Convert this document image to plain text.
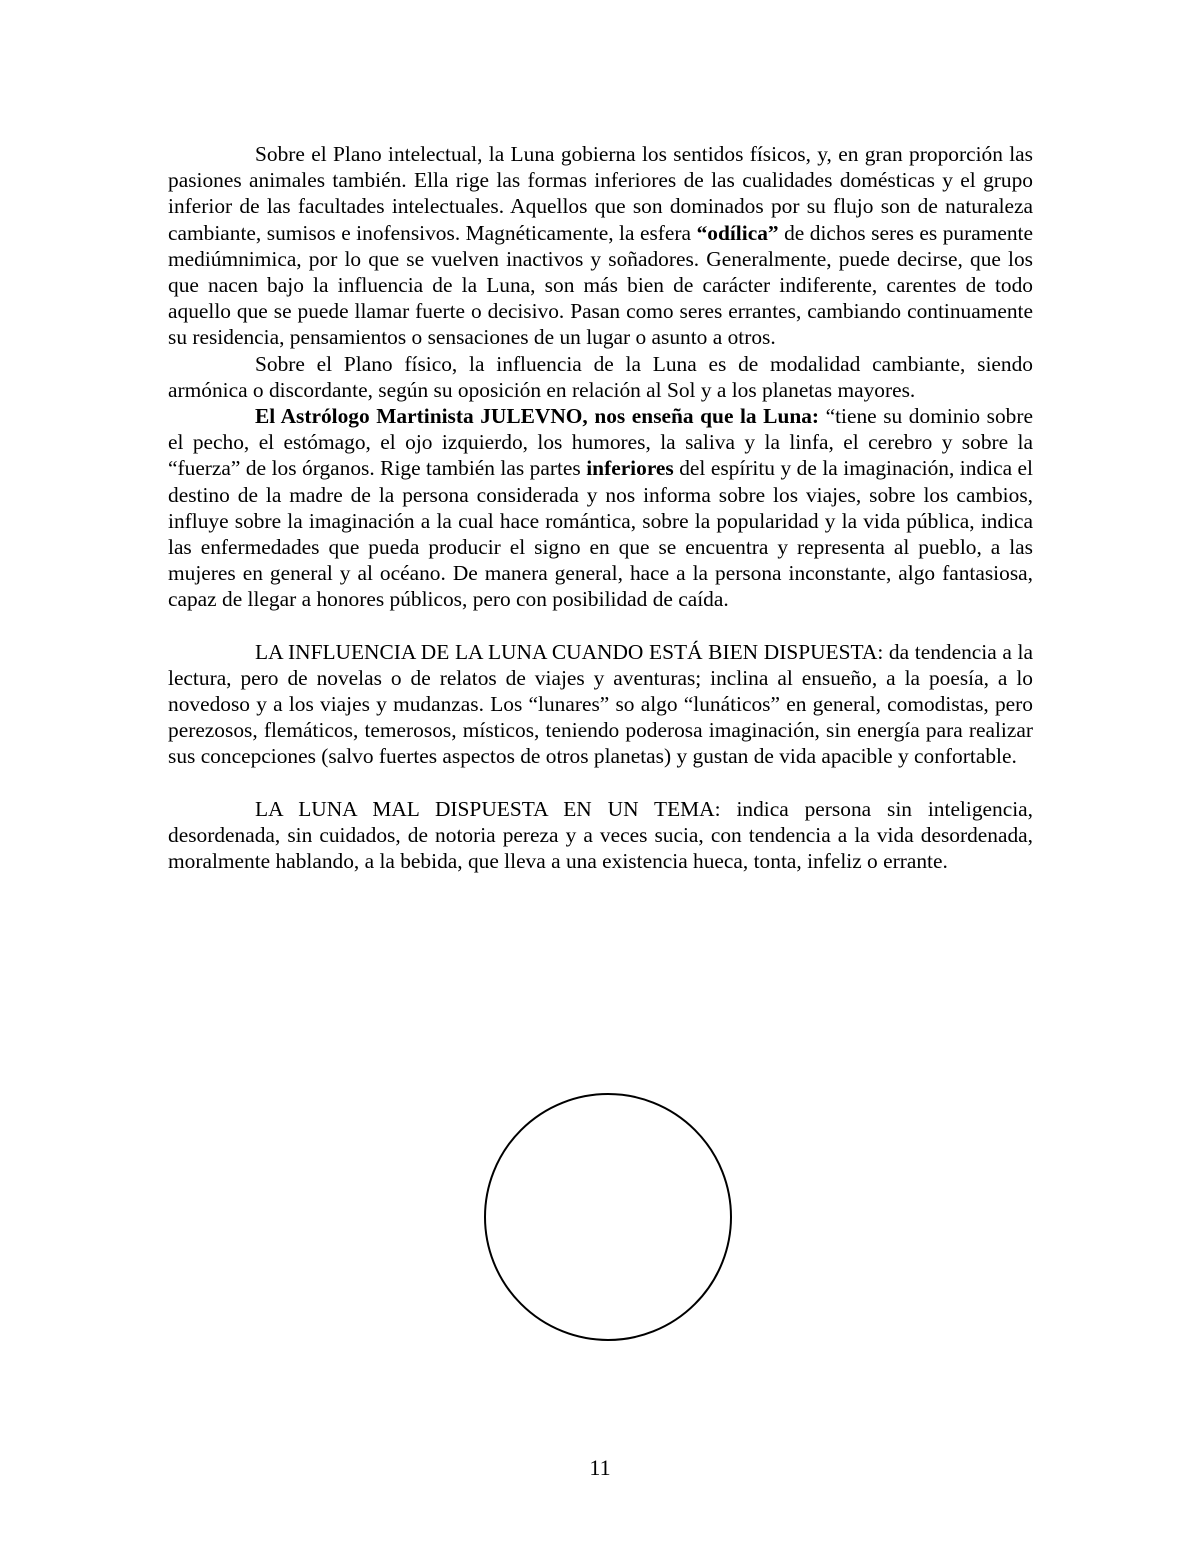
Sobre el Plano intelectual, la Luna gobierna los sentidos físicos, y, en gran proporción las pasiones animales también. Ella rige las formas inferiores de las cualidades domésticas y el grupo inferior de las facultades intelectuales. Aquellos que son dominados por su flujo son de naturaleza cambiante, sumisos e inofensivos. Magnéticamente, la esfera “odílica” de dichos seres es puramente mediúmnimica, por lo que se vuelven inactivos y soñadores. Generalmente, puede decirse, que los que nacen bajo la influencia de la Luna, son más bien de carácter indiferente, carentes de todo aquello que se puede llamar fuerte o decisivo. Pasan como seres errantes, cambiando continuamente su residencia, pensamientos o sensaciones de un lugar o asunto a otros.

Sobre el Plano físico, la influencia de la Luna es de modalidad cambiante, siendo armónica o discordante, según su oposición en relación al Sol y a los planetas mayores.

El Astrólogo Martinista JULEVNO, nos enseña que la Luna: “tiene su dominio sobre el pecho, el estómago, el ojo izquierdo, los humores, la saliva y la linfa, el cerebro y sobre la “fuerza” de los órganos. Rige también las partes inferiores del espíritu y de la imaginación, indica el destino de la madre de la persona considerada y nos informa sobre los viajes, sobre los cambios, influye sobre la imaginación a la cual hace romántica, sobre la popularidad y la vida pública, indica las enfermedades que pueda producir el signo en que se encuentra y representa al pueblo, a las mujeres en general y al océano. De manera general, hace a la persona inconstante, algo fantasiosa, capaz de llegar a honores públicos, pero con posibilidad de caída.

LA INFLUENCIA DE LA LUNA CUANDO ESTÁ BIEN DISPUESTA: da tendencia a la lectura, pero de novelas o de relatos de viajes y aventuras; inclina al ensueño, a la poesía, a lo novedoso y a los viajes y mudanzas. Los “lunares” so algo “lunáticos” en general, comodistas, pero perezosos, flemáticos, temerosos, místicos, teniendo poderosa imaginación, sin energía para realizar sus concepciones (salvo fuertes aspectos de otros planetas) y gustan de vida apacible y confortable.

LA LUNA MAL DISPUESTA EN UN TEMA: indica persona sin inteligencia, desordenada, sin cuidados, de notoria pereza y a veces sucia, con tendencia a la vida desordenada, moralmente hablando, a la bebida, que lleva a una existencia hueca, tonta, infeliz o errante.

11
